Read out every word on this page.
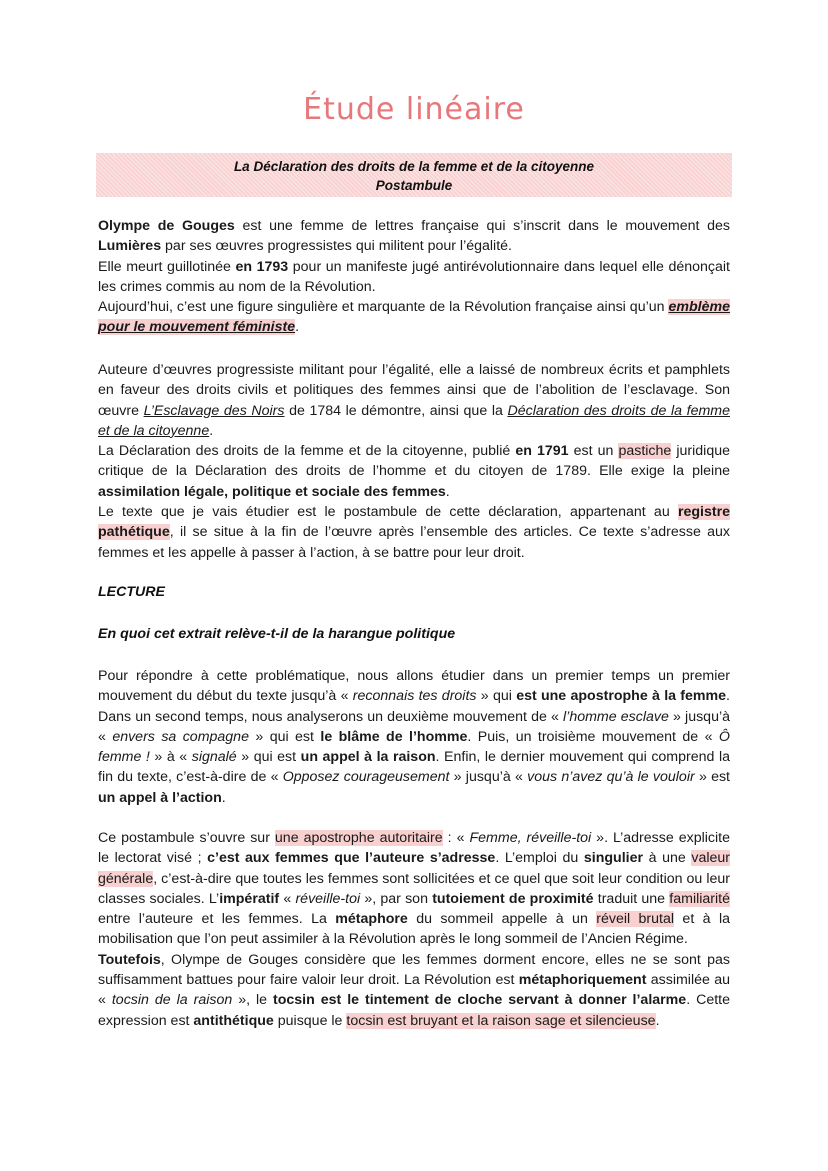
Étude linéaire
La Déclaration des droits de la femme et de la citoyenne
Postambule

Olympe de Gouges est une femme de lettres française qui s’inscrit dans le mouvement des Lumières par ses œuvres progressistes qui militent pour l’égalité.

Elle meurt guillotinée en 1793 pour un manifeste jugé antirévolutionnaire dans lequel elle dénonçait les crimes commis au nom de la Révolution.

Aujourd’hui, c’est une figure singulière et marquante de la Révolution française ainsi qu’un emblème pour le mouvement féministe.

Auteure d’œuvres progressiste militant pour l’égalité, elle a laissé de nombreux écrits et pamphlets en faveur des droits civils et politiques des femmes ainsi que de l’abolition de l’esclavage. Son œuvre L’Esclavage des Noirs de 1784 le démontre, ainsi que la Déclaration des droits de la femme et de la citoyenne.

La Déclaration des droits de la femme et de la citoyenne, publié en 1791 est un pastiche juridique critique de la Déclaration des droits de l’homme et du citoyen de 1789. Elle exige la pleine assimilation légale, politique et sociale des femmes.

Le texte que je vais étudier est le postambule de cette déclaration, appartenant au registre pathétique, il se situe à la fin de l’œuvre après l’ensemble des articles. Ce texte s’adresse aux femmes et les appelle à passer à l’action, à se battre pour leur droit.

LECTURE
En quoi cet extrait relève-t-il de la harangue politique

Pour répondre à cette problématique, nous allons étudier dans un premier temps un premier mouvement du début du texte jusqu’à « reconnais tes droits » qui est une apostrophe à la femme. Dans un second temps, nous analyserons un deuxième mouvement de « l’homme esclave » jusqu’à « envers sa compagne » qui est le blâme de l’homme. Puis, un troisième mouvement de « Ô femme ! » à « signalé » qui est un appel à la raison. Enfin, le dernier mouvement qui comprend la fin du texte, c’est-à-dire de « Opposez courageusement » jusqu’à « vous n’avez qu’à le vouloir » est un appel à l’action.

Ce postambule s’ouvre sur une apostrophe autoritaire : « Femme, réveille-toi ». L’adresse explicite le lectorat visé ; c’est aux femmes que l’auteure s’adresse. L’emploi du singulier à une valeur générale, c’est-à-dire que toutes les femmes sont sollicitées et ce quel que soit leur condition ou leur classes sociales. L’impératif « réveille-toi », par son tutoiement de proximité traduit une familiarité entre l’auteure et les femmes. La métaphore du sommeil appelle à un réveil brutal et à la mobilisation que l’on peut assimiler à la Révolution après le long sommeil de l’Ancien Régime.

Toutefois, Olympe de Gouges considère que les femmes dorment encore, elles ne se sont pas suffisamment battues pour faire valoir leur droit. La Révolution est métaphoriquement assimilée au « tocsin de la raison », le tocsin est le tintement de cloche servant à donner l’alarme. Cette expression est antithétique puisque le tocsin est bruyant et la raison sage et silencieuse.
